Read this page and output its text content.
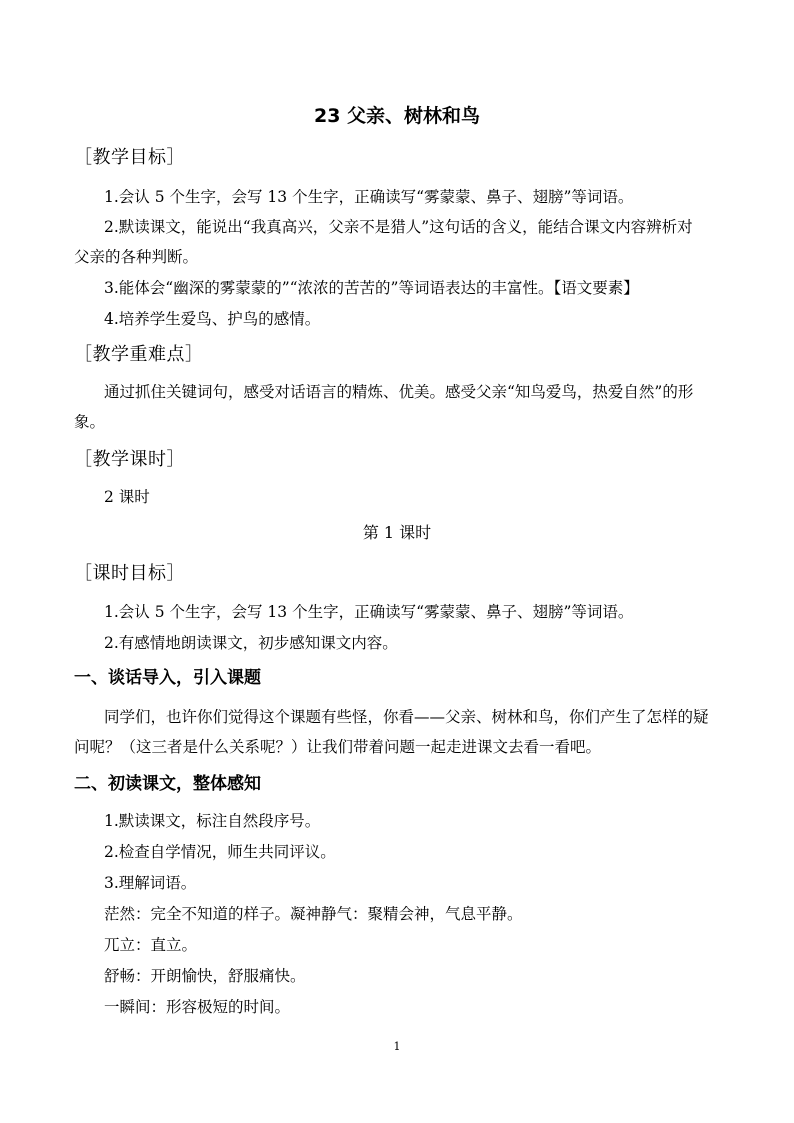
23 父亲、树林和鸟
［教学目标］
1.会认 5 个生字，会写 13 个生字，正确读写“雾蒙蒙、鼻子、翅膀”等词语。
2.默读课文，能说出“我真高兴，父亲不是猎人”这句话的含义，能结合课文内容辨析对
父亲的各种判断。
3.能体会“幽深的雾蒙蒙的”“浓浓的苦苦的”等词语表达的丰富性。【语文要素】
4.培养学生爱鸟、护鸟的感情。
［教学重难点］
通过抓住关键词句，感受对话语言的精炼、优美。感受父亲“知鸟爱鸟，热爱自然”的形
象。
［教学课时］
2 课时
第 1 课时
［课时目标］
1.会认 5 个生字，会写 13 个生字，正确读写“雾蒙蒙、鼻子、翅膀”等词语。
2.有感情地朗读课文，初步感知课文内容。
一、谈话导入，引入课题
同学们，也许你们觉得这个课题有些怪，你看——父亲、树林和鸟，你们产生了怎样的疑
问呢？（这三者是什么关系呢？）让我们带着问题一起走进课文去看一看吧。
二、初读课文，整体感知
1.默读课文，标注自然段序号。
2.检查自学情况，师生共同评议。
3.理解词语。
茫然：完全不知道的样子。凝神静气：聚精会神，气息平静。
兀立：直立。
舒畅：开朗愉快，舒服痛快。
一瞬间：形容极短的时间。
1
